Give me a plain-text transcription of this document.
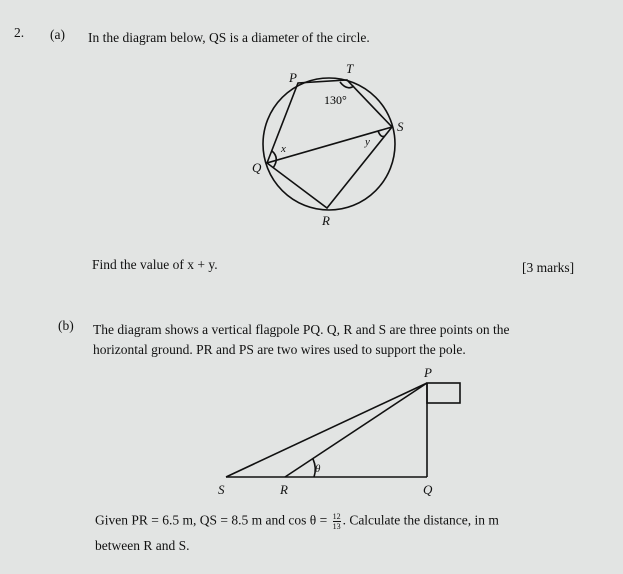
2. (a) In the diagram below, QS is a diameter of the circle.
P
T
S
Q
R
130°
x
y
P
Q
R
S
θ
Find the value of x + y.	[3 marks]
(b) The diagram shows a vertical flagpole PQ. Q, R and S are three points on the
horizontal ground. PR and PS are two wires used to support the pole.
Given PR = 6.5 m, QS = 8.5 m and $\cos \theta = \frac{12}{13}$ . Calculate the distance, in m
between R and S.
